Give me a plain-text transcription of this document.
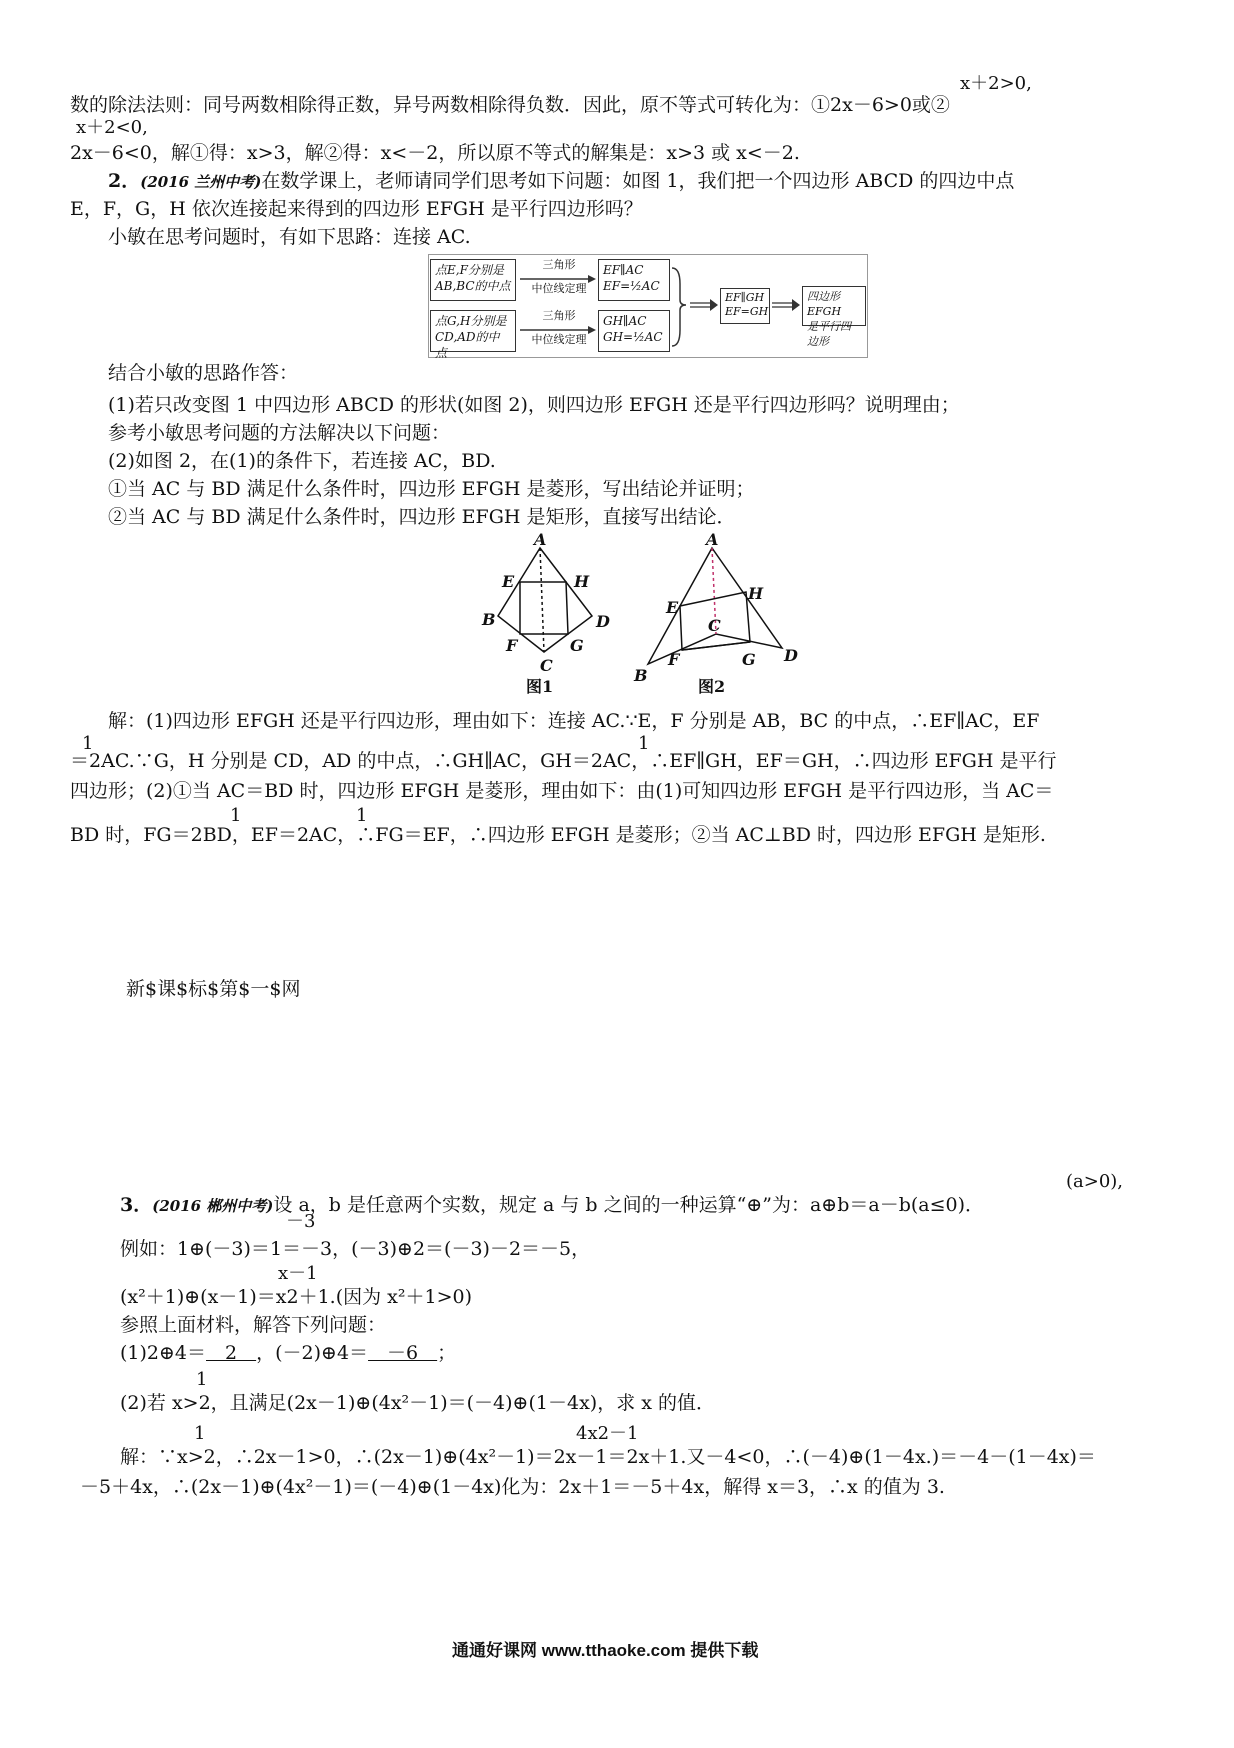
x＋2>0,
数的除法法则：同号两数相除得正数，异号两数相除得负数．因此，原不等式可转化为：①2x－6>0或②
x＋2<0,
2x－6<0，解①得：x>3，解②得：x<－2，所以原不等式的解集是：x>3 或 x<－2.
2．(2016 兰州中考)在数学课上，老师请同学们思考如下问题：如图 1，我们把一个四边形 ABCD 的四边中点
E，F，G，H 依次连接起来得到的四边形 EFGH 是平行四边形吗？
小敏在思考问题时，有如下思路：连接 AC.
点E,F分别是AB,BC的中点
点G,H分别是CD,AD的中点
三角形
中位线定理
三角形
中位线定理
EF∥AC
EF=½AC
GH∥AC
GH=½AC
EF∥GH
EF=GH
四边形EFGH
是平行四边形
结合小敏的思路作答：
(1)若只改变图 1 中四边形 ABCD 的形状(如图 2)，则四边形 EFGH 还是平行四边形吗？说明理由；
参考小敏思考问题的方法解决以下问题：
(2)如图 2，在(1)的条件下，若连接 AC，BD.
①当 AC 与 BD 满足什么条件时，四边形 EFGH 是菱形，写出结论并证明；
②当 AC 与 BD 满足什么条件时，四边形 EFGH 是矩形，直接写出结论．
A
E	H
B	D
F	G
C
A
E
H
C
F	G
B
D
图1	图2
解：(1)四边形 EFGH 还是平行四边形，理由如下：连接 AC.∵E，F 分别是 AB，BC 的中点，∴EF∥AC，EF
1	1
＝2AC.∵G，H 分别是 CD，AD 的中点，∴GH∥AC，GH＝2AC，∴EF∥GH，EF＝GH，∴四边形 EFGH 是平行
四边形；(2)①当 AC＝BD 时，四边形 EFGH 是菱形，理由如下：由(1)可知四边形 EFGH 是平行四边形，当 AC＝
1	1
BD 时，FG＝2BD，EF＝2AC，∴FG＝EF，∴四边形 EFGH 是菱形；②当 AC⊥BD 时，四边形 EFGH 是矩形.
新$课$标$第$一$网
(a>0),
3．(2016 郴州中考)设 a，b 是任意两个实数，规定 a 与 b 之间的一种运算“⊕”为：a⊕b＝a－b(a≤0)．
－3
例如：1⊕(－3)＝1＝－3，(－3)⊕2＝(－3)－2＝－5，
x－1
(x²＋1)⊕(x－1)＝x2＋1.(因为 x²＋1>0)
参照上面材料，解答下列问题：
(1)2⊕4＝　2　，(－2)⊕4＝　－6　；
1
(2)若 x>2，且满足(2x－1)⊕(4x²－1)＝(－4)⊕(1－4x)，求 x 的值．
1	4x2－1
解：∵x>2，∴2x－1>0，∴(2x－1)⊕(4x²－1)＝2x－1＝2x＋1.又－4<0，∴(－4)⊕(1－4x.)＝－4－(1－4x)＝
－5＋4x，∴(2x－1)⊕(4x²－1)＝(－4)⊕(1－4x)化为：2x＋1＝－5＋4x，解得 x＝3，∴x 的值为 3.
通通好课网 www.tthaoke.com 提供下载
